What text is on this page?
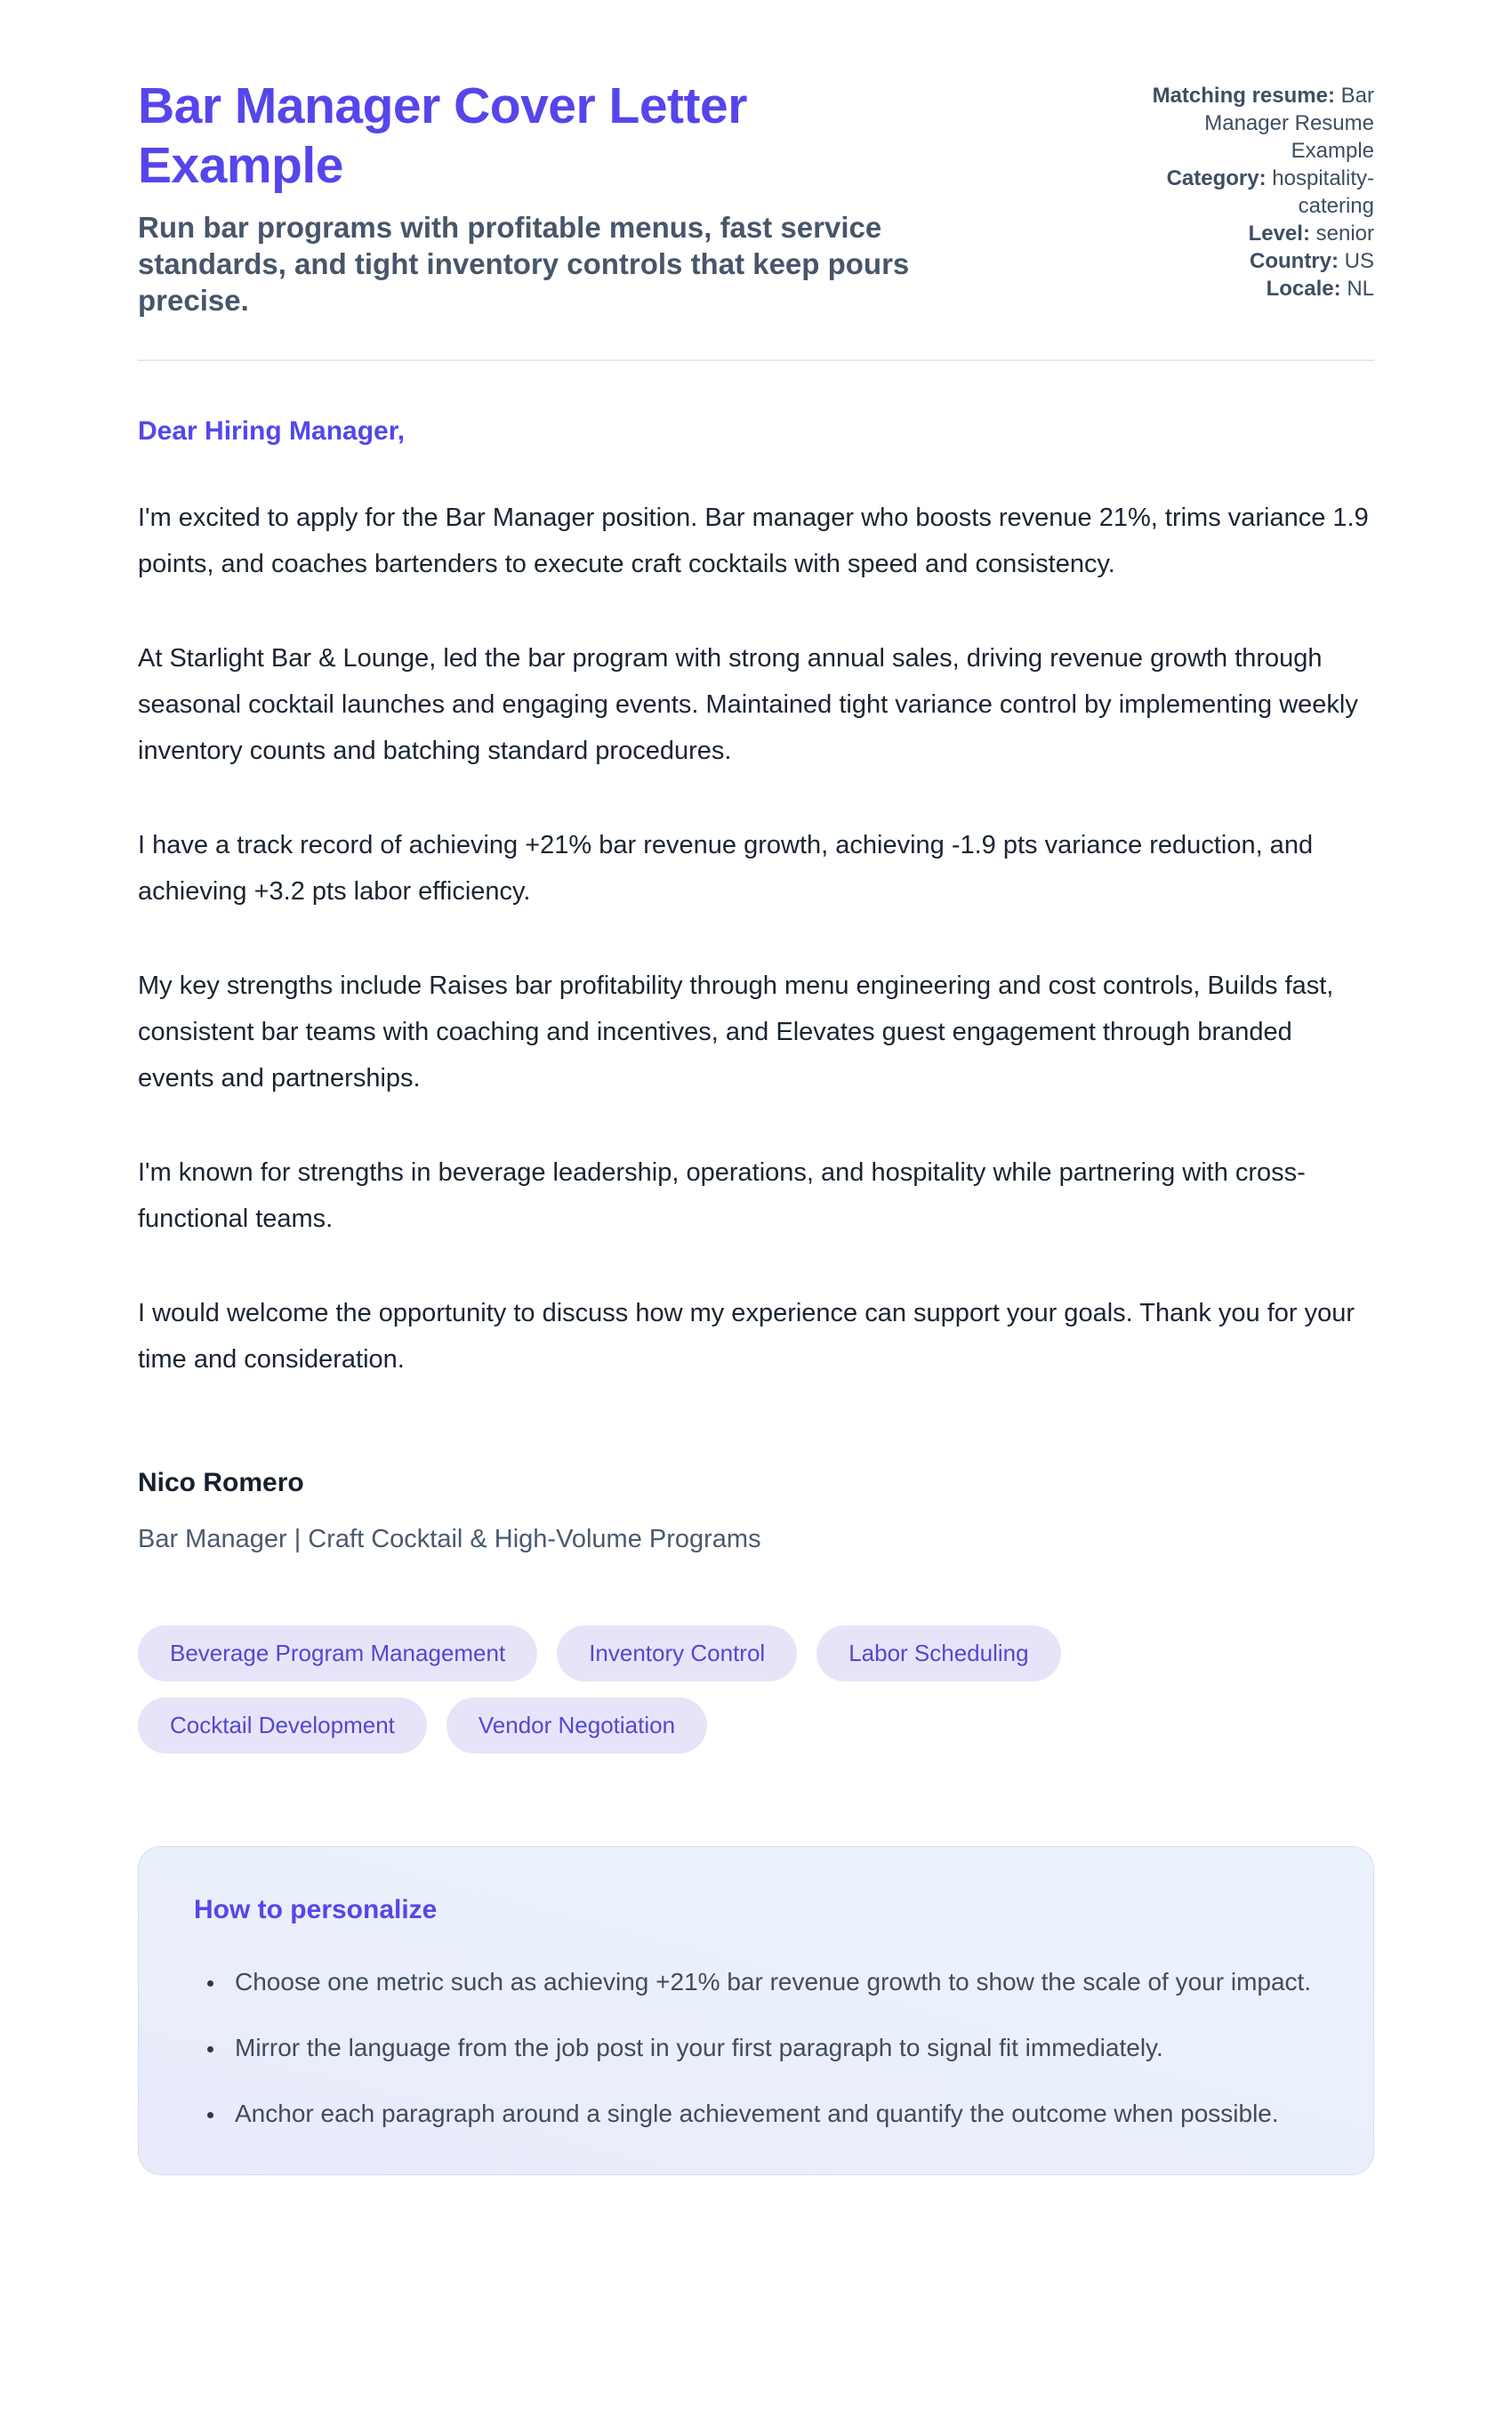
Bar Manager Cover Letter Example

Run bar programs with profitable menus, fast service standards, and tight inventory controls that keep pours precise.

Matching resume: Bar Manager Resume Example
Category: hospitality-catering
Level: senior
Country: US
Locale: NL

Dear Hiring Manager,

I'm excited to apply for the Bar Manager position. Bar manager who boosts revenue 21%, trims variance 1.9 points, and coaches bartenders to execute craft cocktails with speed and consistency.

At Starlight Bar & Lounge, led the bar program with strong annual sales, driving revenue growth through seasonal cocktail launches and engaging events. Maintained tight variance control by implementing weekly inventory counts and batching standard procedures.

I have a track record of achieving +21% bar revenue growth, achieving -1.9 pts variance reduction, and achieving +3.2 pts labor efficiency.

My key strengths include Raises bar profitability through menu engineering and cost controls, Builds fast, consistent bar teams with coaching and incentives, and Elevates guest engagement through branded events and partnerships.

I'm known for strengths in beverage leadership, operations, and hospitality while partnering with cross-functional teams.

I would welcome the opportunity to discuss how my experience can support your goals. Thank you for your time and consideration.

Nico Romero

Bar Manager | Craft Cocktail & High-Volume Programs

Beverage Program Management	Inventory Control	Labor Scheduling
Cocktail Development	Vendor Negotiation
How to personalize
• Choose one metric such as achieving +21% bar revenue growth to show the scale of your impact.
• Mirror the language from the job post in your first paragraph to signal fit immediately.
• Anchor each paragraph around a single achievement and quantify the outcome when possible.
